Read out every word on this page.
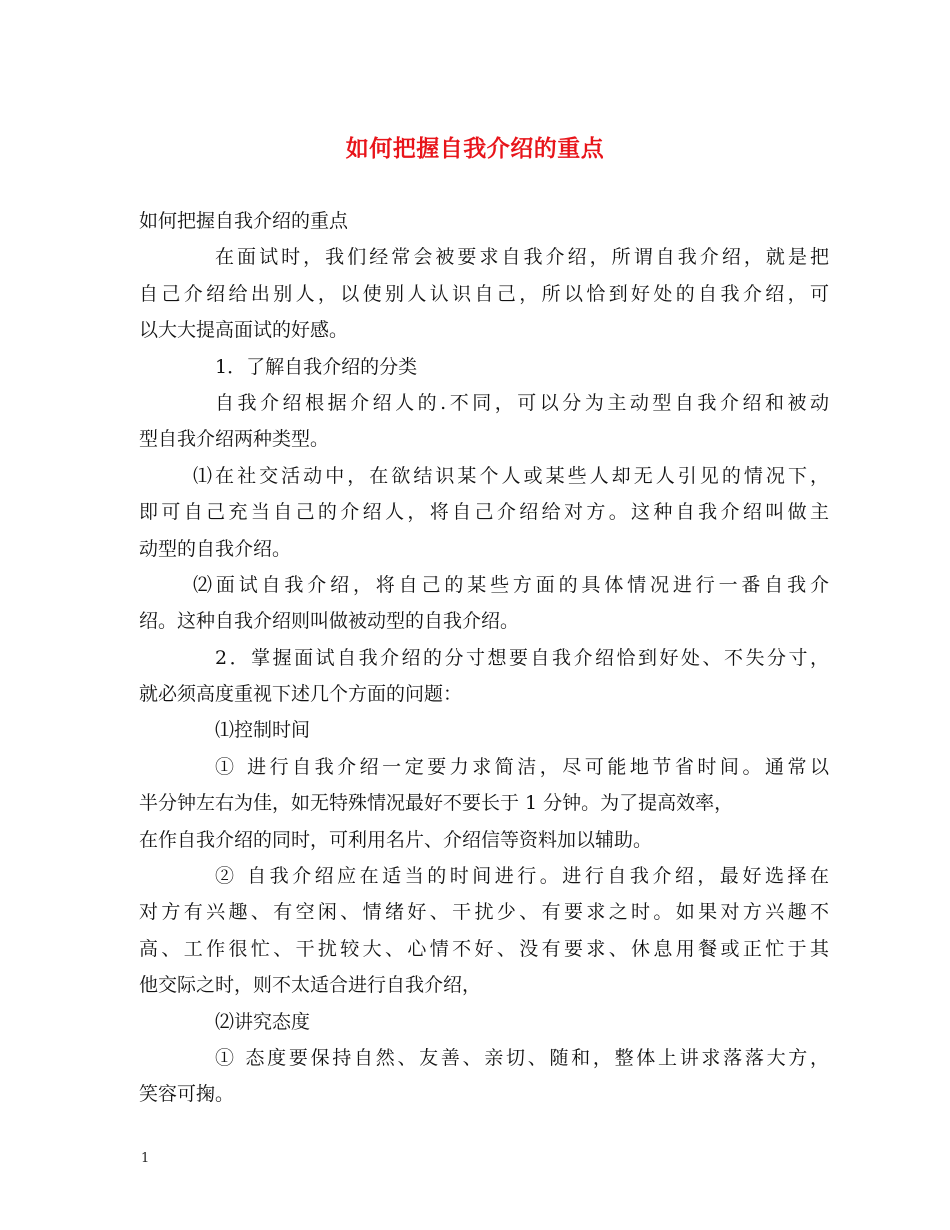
如何把握自我介绍的重点
如何把握自我介绍的重点
在面试时，我们经常会被要求自我介绍，所谓自我介绍，就是把
自己介绍给出别人，以使别人认识自己，所以恰到好处的自我介绍，可
以大大提高面试的好感。
1．了解自我介绍的分类
自我介绍根据介绍人的.不同，可以分为主动型自我介绍和被动
型自我介绍两种类型。
⑴在社交活动中，在欲结识某个人或某些人却无人引见的情况下，
即可自己充当自己的介绍人，将自己介绍给对方。这种自我介绍叫做主
动型的自我介绍。
⑵面试自我介绍，将自己的某些方面的具体情况进行一番自我介
绍。这种自我介绍则叫做被动型的自我介绍。
2．掌握面试自我介绍的分寸想要自我介绍恰到好处、不失分寸，
就必须高度重视下述几个方面的问题：
⑴控制时间
① 进行自我介绍一定要力求简洁，尽可能地节省时间。通常以
半分钟左右为佳，如无特殊情况最好不要长于 1 分钟。为了提高效率，
在作自我介绍的同时，可利用名片、介绍信等资料加以辅助。
② 自我介绍应在适当的时间进行。进行自我介绍，最好选择在
对方有兴趣、有空闲、情绪好、干扰少、有要求之时。如果对方兴趣不
高、工作很忙、干扰较大、心情不好、没有要求、休息用餐或正忙于其
他交际之时，则不太适合进行自我介绍，
⑵讲究态度
① 态度要保持自然、友善、亲切、随和，整体上讲求落落大方，
笑容可掬。
1
